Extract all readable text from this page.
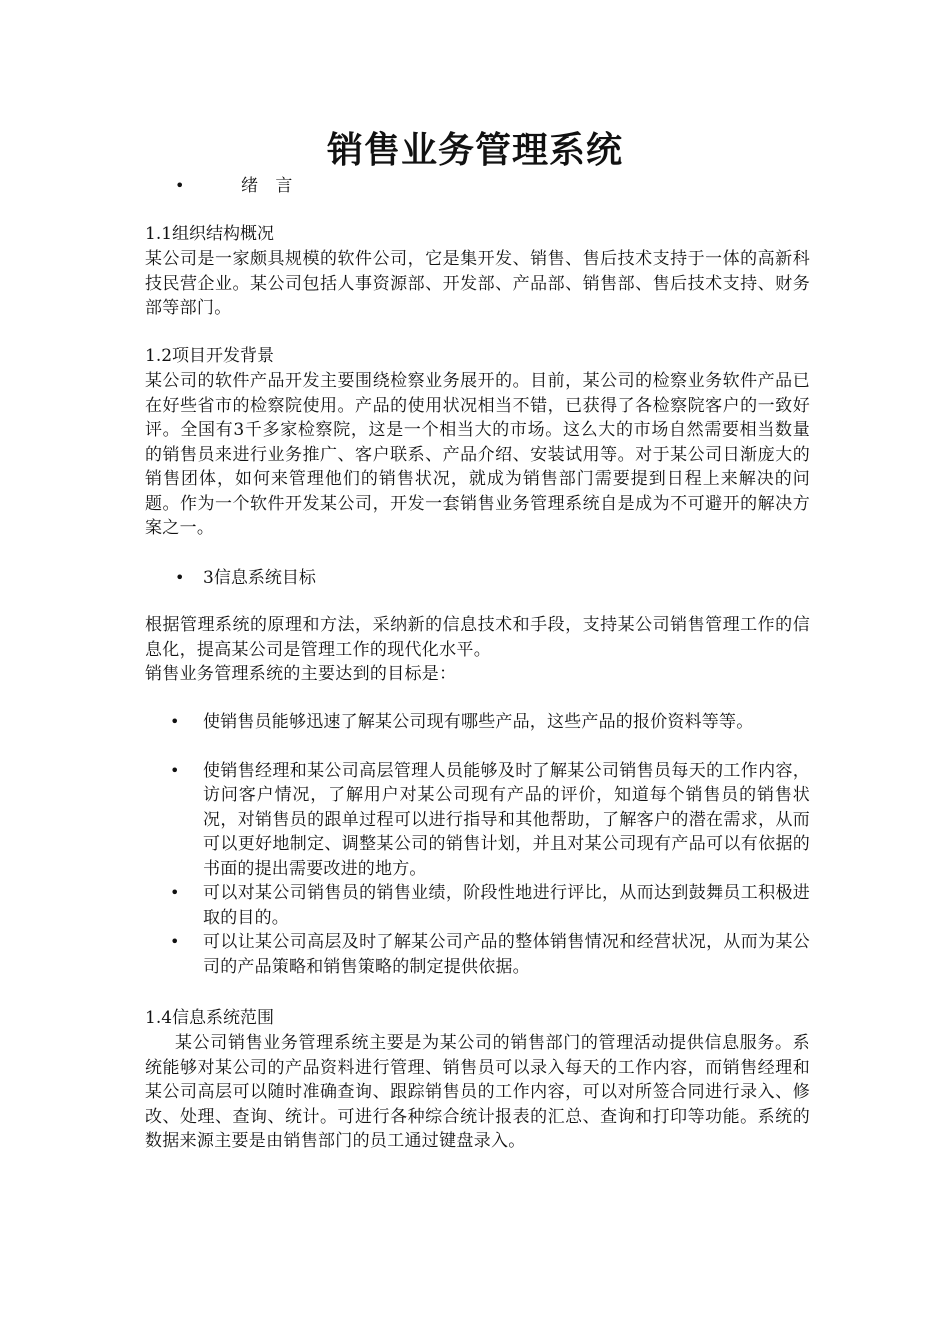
销售业务管理系统
•	绪 言
1.1组织结构概况

某公司是一家颇具规模的软件公司，它是集开发、销售、售后技术支持于一体的高新科技民营企业。某公司包括人事资源部、开发部、产品部、销售部、售后技术支持、财务部等部门。

1.2项目开发背景

某公司的软件产品开发主要围绕检察业务展开的。目前，某公司的检察业务软件产品已在好些省市的检察院使用。产品的使用状况相当不错，已获得了各检察院客户的一致好评。全国有3千多家检察院，这是一个相当大的市场。这么大的市场自然需要相当数量的销售员来进行业务推广、客户联系、产品介绍、安装试用等。对于某公司日渐庞大的销售团体，如何来管理他们的销售状况，就成为销售部门需要提到日程上来解决的问题。作为一个软件开发某公司，开发一套销售业务管理系统自是成为不可避开的解决方案之一。

• 3信息系统目标

根据管理系统的原理和方法，采纳新的信息技术和手段，支持某公司销售管理工作的信息化，提高某公司是管理工作的现代化水平。

销售业务管理系统的主要达到的目标是：

• 使销售员能够迅速了解某公司现有哪些产品，这些产品的报价资料等等。
• 使销售经理和某公司高层管理人员能够及时了解某公司销售员每天的工作内容，访问客户情况，了解用户对某公司现有产品的评价，知道每个销售员的销售状况，对销售员的跟单过程可以进行指导和其他帮助，了解客户的潜在需求，从而可以更好地制定、调整某公司的销售计划，并且对某公司现有产品可以有依据的书面的提出需要改进的地方。
• 可以对某公司销售员的销售业绩，阶段性地进行评比，从而达到鼓舞员工积极进取的目的。
• 可以让某公司高层及时了解某公司产品的整体销售情况和经营状况，从而为某公司的产品策略和销售策略的制定提供依据。
1.4信息系统范围

某公司销售业务管理系统主要是为某公司的销售部门的管理活动提供信息服务。系统能够对某公司的产品资料进行管理、销售员可以录入每天的工作内容，而销售经理和某公司高层可以随时准确查询、跟踪销售员的工作内容，可以对所签合同进行录入、修改、处理、查询、统计。可进行各种综合统计报表的汇总、查询和打印等功能。系统的数据来源主要是由销售部门的员工通过键盘录入。
